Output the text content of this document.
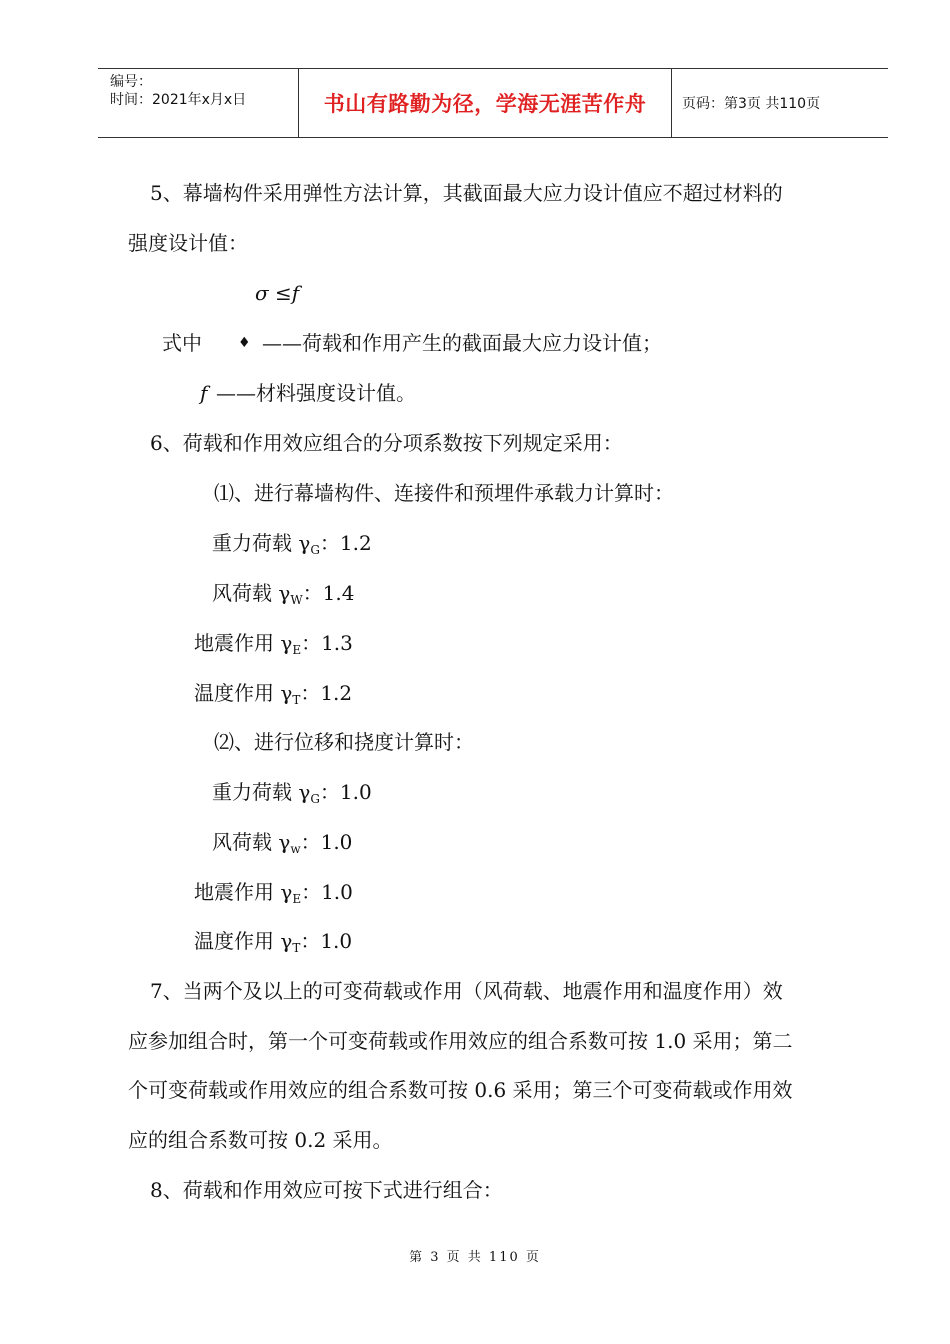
编号：
时间：2021年x月x日	书山有路勤为径，学海无涯苦作舟	页码：第3页 共110页
5、幕墙构件采用弹性方法计算，其截面最大应力设计值应不超过材料的
强度设计值：
σ ≤f
式中	♦ ——荷载和作用产生的截面最大应力设计值；
f ——材料强度设计值。
6、荷载和作用效应组合的分项系数按下列规定采用：
⑴、进行幕墙构件、连接件和预埋件承载力计算时：
重力荷载 $\gamma_G$：1.2
风荷载 $\gamma_W$：1.4
地震作用 $\gamma_E$：1.3
温度作用 $\gamma_T$：1.2
⑵、进行位移和挠度计算时：
重力荷载 $\gamma_G$：1.0
风荷载 $\gamma_w$：1.0
地震作用 $\gamma_E$：1.0
温度作用 $\gamma_T$：1.0
7、当两个及以上的可变荷载或作用（风荷载、地震作用和温度作用）效
应参加组合时，第一个可变荷载或作用效应的组合系数可按 1.0 采用；第二
个可变荷载或作用效应的组合系数可按 0.6 采用；第三个可变荷载或作用效
应的组合系数可按 0.2 采用。
8、荷载和作用效应可按下式进行组合：
第 3 页 共 110 页
